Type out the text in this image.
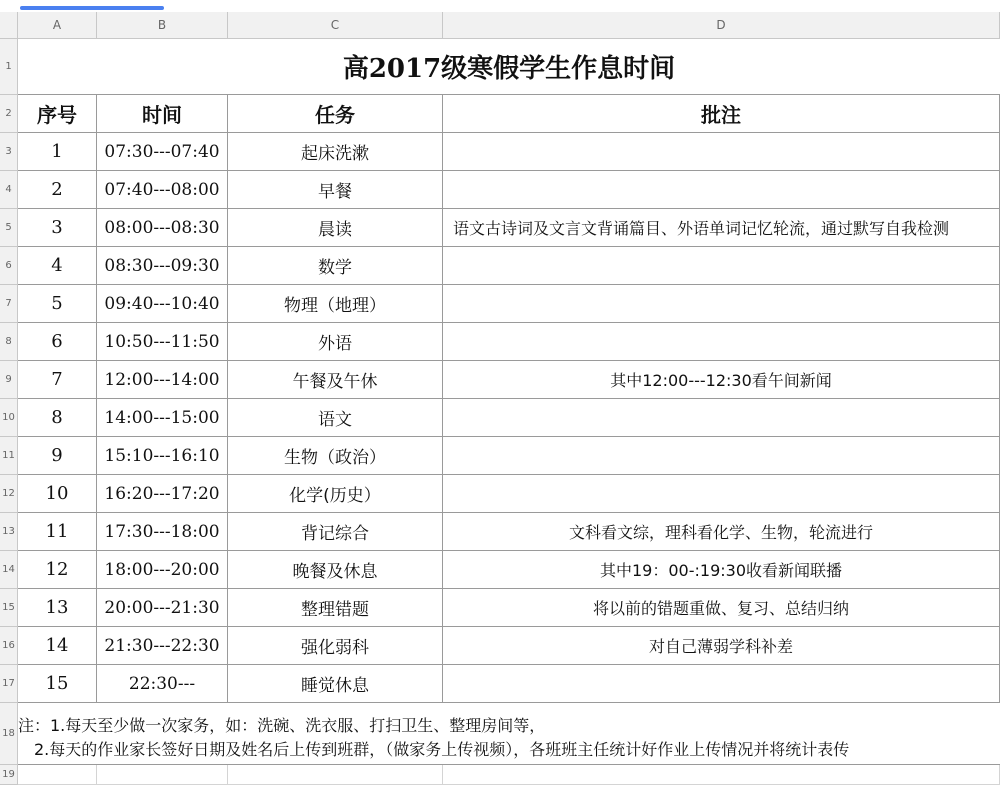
A	B	C	D
1
2
3
4
5
6
7
8
9
10
11
12
13
14
15
16
17
18
19
高2017级寒假学生作息时间
序号	时间	任务	批注
1	07:30---07:40	起床洗漱
2	07:40---08:00	早餐
3	08:00---08:30	晨读	语文古诗词及文言文背诵篇目、外语单词记忆轮流，通过默写自我检测
4	08:30---09:30	数学
5	09:40---10:40	物理（地理）
6	10:50---11:50	外语
7	12:00---14:00	午餐及午休	其中12:00---12:30看午间新闻
8	14:00---15:00	语文
9	15:10---16:10	生物（政治）
10	16:20---17:20	化学(历史）
11	17:30---18:00	背记综合	文科看文综，理科看化学、生物，轮流进行
12	18:00---20:00	晚餐及休息	其中19：00-:19:30收看新闻联播
13	20:00---21:30	整理错题	将以前的错题重做、复习、总结归纳
14	21:30---22:30	强化弱科	对自己薄弱学科补差
15	22:30---	睡觉休息
注：1.每天至少做一次家务，如：洗碗、洗衣服、打扫卫生、整理房间等，
2.每天的作业家长签好日期及姓名后上传到班群，（做家务上传视频），各班班主任统计好作业上传情况并将统计表传
